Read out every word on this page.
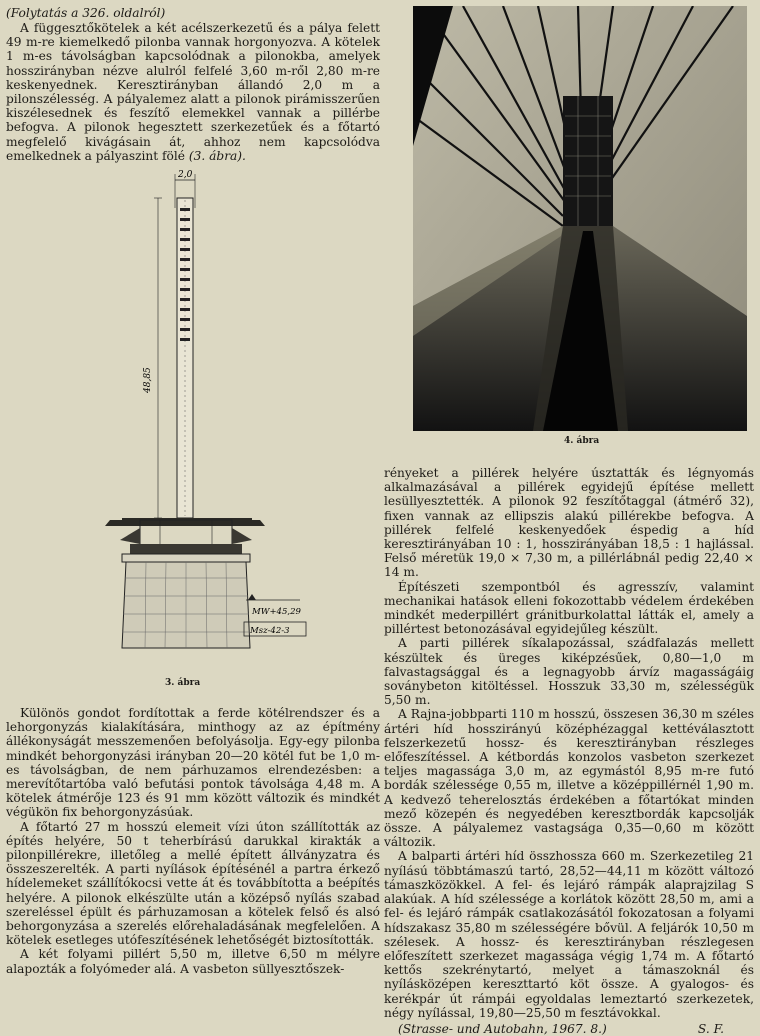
(Folytatás a 326. oldalról)

A függesztőkötelek a két acélszerkezetű és a pálya felett 49 m-re kiemelkedő pilonba vannak horgonyozva. A kötelek 1 m-es távolságban kapcsolódnak a pilonokba, amelyek hosszirányban nézve alulról felfelé 3,60 m-ről 2,80 m-re keskenyednek. Keresztirányban állandó 2,0 m a pilonszélesség. A pályalemez alatt a pilonok pirámisszerűen kiszélesednek és feszítő elemekkel vannak a pillérbe befogva. A pilonok hegesztett szerkezetűek és a főtartó megfelelő kivágásain át, ahhoz nem kapcsolódva emelkednek a pályaszint fölé (3. ábra).

2,0
48,85
MW+45,29
Msz-42-3
3. ábra
4. ábra

Különös gondot fordítottak a ferde kötélrendszer és a lehorgonyzás kialakítására, minthogy az az építmény állékonyságát messzemenően befolyásolja. Egy-egy pilonba mindkét behorgonyzási irányban 20—20 kötél fut be 1,0 m-es távolságban, de nem párhuzamos elrendezésben: a merevítőtartóba való befutási pontok távolsága 4,48 m. A kötelek átmérője 123 és 91 mm között változik és mindkét végükön fix behorgonyzásúak.

A főtartó 27 m hosszú elemeit vízi úton szállították az építés helyére, 50 t teherbírású darukkal kirakták a pilonpillérekre, illetőleg a mellé épített állványzatra és összeszerelték. A parti nyílások építésénél a partra érkező hídelemeket szállítókocsi vette át és továbbította a beépítés helyére. A pilonok elkészülte után a középső nyílás szabad szereléssel épült és párhuzamosan a kötelek felső és alsó behorgonyzása a szerelés előrehaladásának megfelelően. A kötelek esetleges utófeszítésének lehetőségét biztosították.

A két folyami pillért 5,50 m, illetve 6,50 m mélyre alapozták a folyómeder alá. A vasbeton süllyesztőszek-

rényeket a pillérek helyére úsztatták és légnyomás alkalmazásával a pillérek egyidejű építése mellett lesüllyesztették. A pilonok 92 feszítőtaggal (átmérő 32), fixen vannak az ellipszis alakú pillérekbe befogva. A pillérek felfelé keskenyedőek éspedig a híd keresztirányában 10 : 1, hosszirányában 18,5 : 1 hajlással. Felső méretük 19,0 × 7,30 m, a pillérlábnál pedig 22,40 × 14 m.

Építészeti szempontból és agresszív, valamint mechanikai hatások elleni fokozottabb védelem érdekében mindkét mederpillért gránitburkolattal látták el, amely a pillértest betonozásával egyidejűleg készült.

A parti pillérek síkalapozással, szádfalazás mellett készültek és üreges kiképzésűek, 0,80—1,0 m falvastagsággal és a legnagyobb árvíz magasságáig soványbeton kitöltéssel. Hosszuk 33,30 m, szélességük 5,50 m.

A Rajna-jobbparti 110 m hosszú, összesen 36,30 m széles ártéri híd hosszirányú középhézaggal kettéválasztott felszerkezetű hossz- és keresztirányban részleges előfeszítéssel. A kétbordás konzolos vasbeton szerkezet teljes magassága 3,0 m, az egymástól 8,95 m-re futó bordák szélessége 0,55 m, illetve a középpillérnél 1,90 m. A kedvező teherelosztás érdekében a főtartókat minden mező közepén és negyedében keresztbordák kapcsolják össze. A pályalemez vastagsága 0,35—0,60 m között változik.

A balparti ártéri híd összhossza 660 m. Szerkezetileg 21 nyílású többtámaszú tartó, 28,52—44,11 m között változó támaszközökkel. A fel- és lejáró rámpák alaprajzilag S alakúak. A híd szélessége a korlátok között 28,50 m, ami a fel- és lejáró rámpák csatlakozásától fokozatosan a folyami hídszakasz 35,80 m szélességére bővül. A feljárók 10,50 m szélesek. A hossz- és keresztirányban részlegesen előfeszített szerkezet magassága végig 1,74 m. A főtartó kettős szekrénytartó, melyet a támaszoknál és nyílásközépen kereszttartó köt össze. A gyalogos- és kerékpár út rámpái egyoldalas lemeztartó szerkezetek, négy nyílással, 19,80—25,50 m fesztávokkal.

(Strasse- und Autobahn, 1967. 8.)	S. F.
